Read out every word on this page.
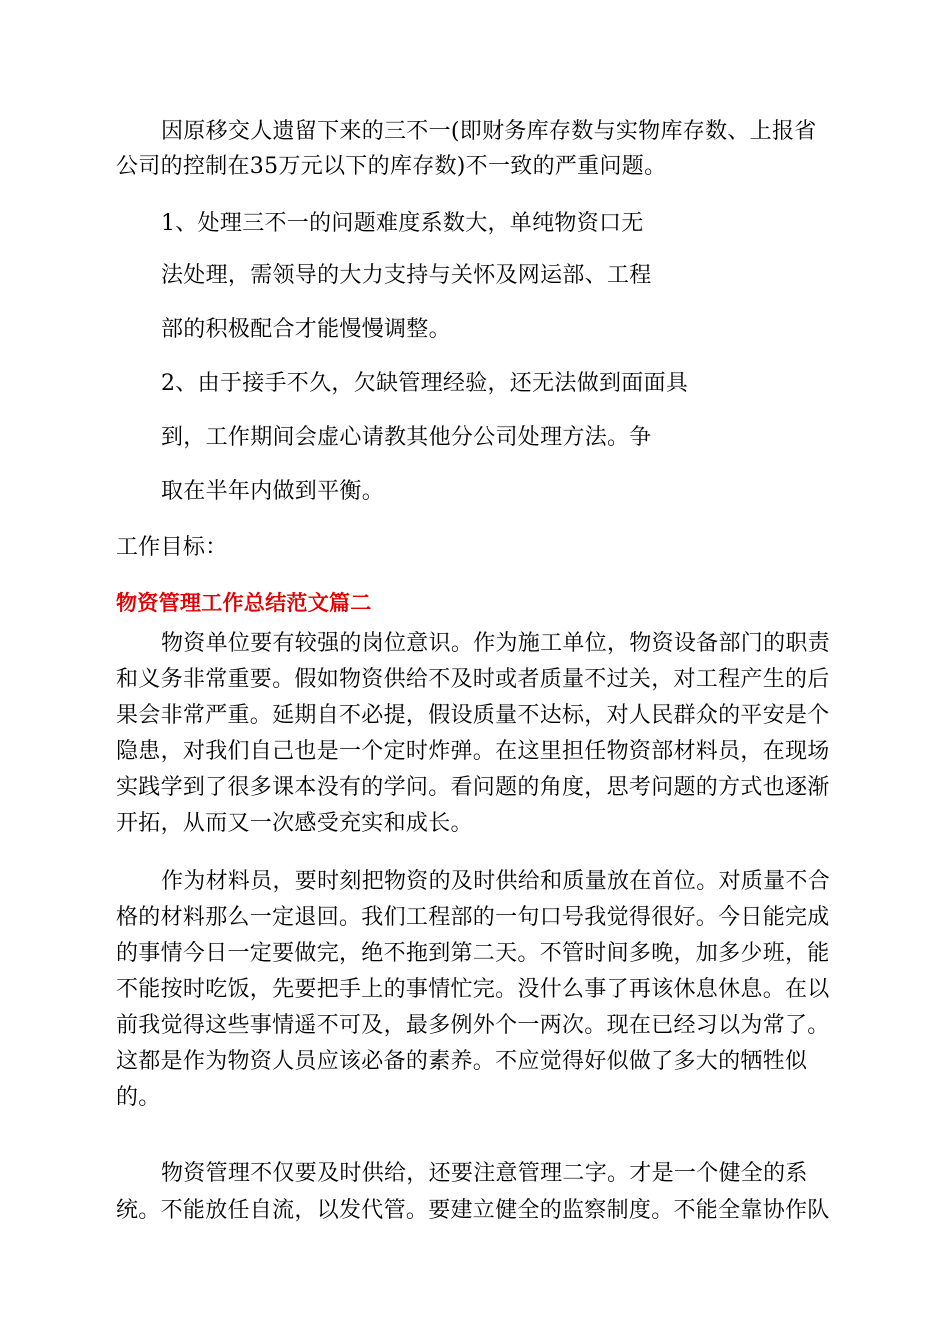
因原移交人遗留下来的三不一(即财务库存数与实物库存数、上报省
公司的控制在35万元以下的库存数)不一致的严重问题。
1、处理三不一的问题难度系数大，单纯物资口无
法处理，需领导的大力支持与关怀及网运部、工程
部的积极配合才能慢慢调整。
2、由于接手不久，欠缺管理经验，还无法做到面面具
到，工作期间会虚心请教其他分公司处理方法。争
取在半年内做到平衡。
工作目标：
物资管理工作总结范文篇二
物资单位要有较强的岗位意识。作为施工单位，物资设备部门的职责
和义务非常重要。假如物资供给不及时或者质量不过关，对工程产生的后
果会非常严重。延期自不必提，假设质量不达标，对人民群众的平安是个
隐患，对我们自己也是一个定时炸弹。在这里担任物资部材料员，在现场
实践学到了很多课本没有的学问。看问题的角度，思考问题的方式也逐渐
开拓，从而又一次感受充实和成长。
作为材料员，要时刻把物资的及时供给和质量放在首位。对质量不合
格的材料那么一定退回。我们工程部的一句口号我觉得很好。今日能完成
的事情今日一定要做完，绝不拖到第二天。不管时间多晚，加多少班，能
不能按时吃饭，先要把手上的事情忙完。没什么事了再该休息休息。在以
前我觉得这些事情遥不可及，最多例外个一两次。现在已经习以为常了。
这都是作为物资人员应该必备的素养。不应觉得好似做了多大的牺牲似
的。
物资管理不仅要及时供给，还要注意管理二字。才是一个健全的系
统。不能放任自流，以发代管。要建立健全的监察制度。不能全靠协作队
